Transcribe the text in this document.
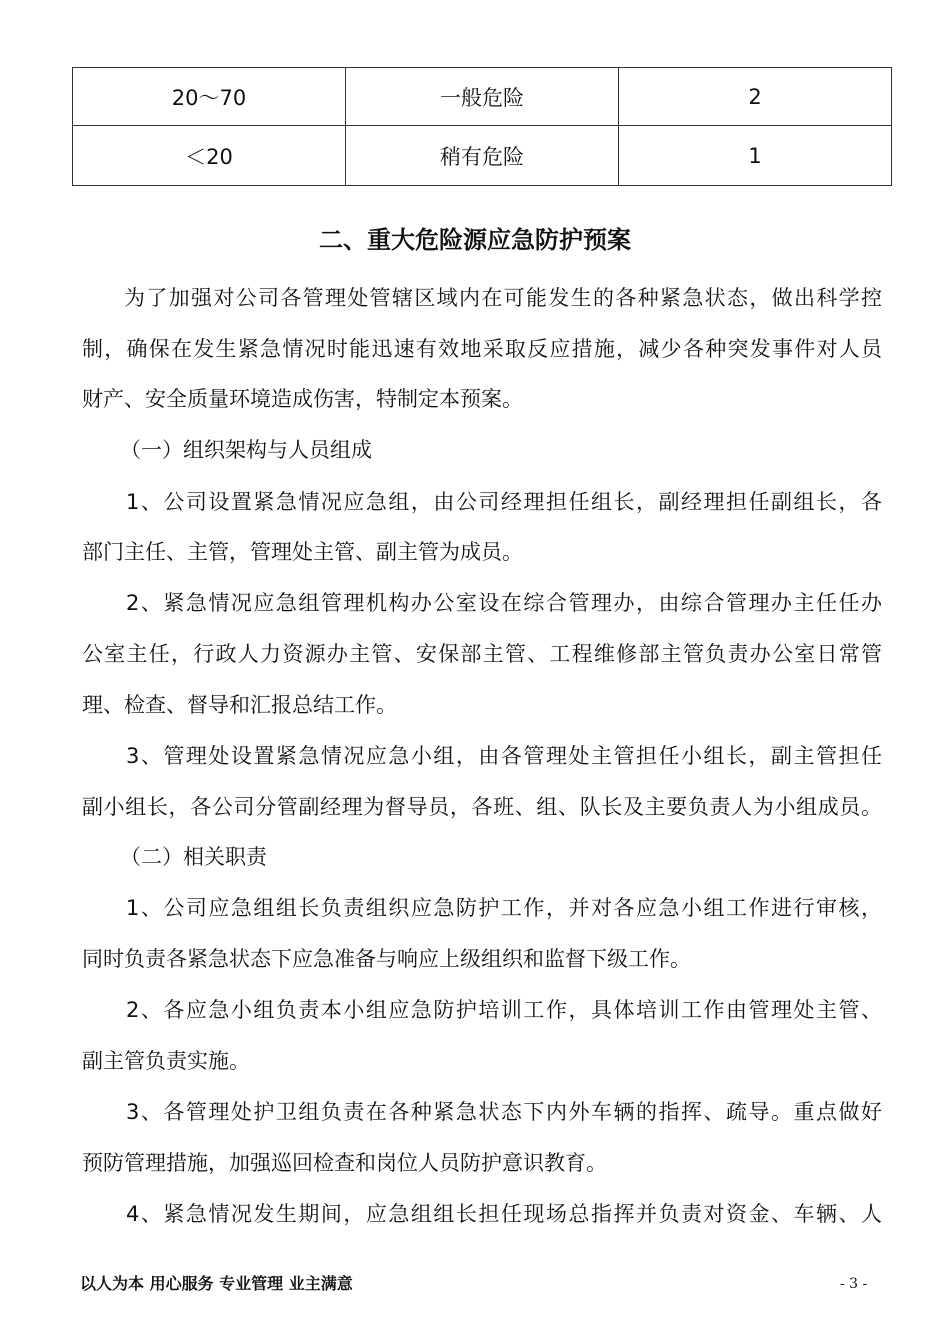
20～70	一般危险	2
＜20	稍有危险	1
二、重大危险源应急防护预案

为了加强对公司各管理处管辖区域内在可能发生的各种紧急状态，做出科学控

制，确保在发生紧急情况时能迅速有效地采取反应措施，减少各种突发事件对人员

财产、安全质量环境造成伤害，特制定本预案。

（一）组织架构与人员组成

1、公司设置紧急情况应急组，由公司经理担任组长，副经理担任副组长，各

部门主任、主管，管理处主管、副主管为成员。

2、紧急情况应急组管理机构办公室设在综合管理办，由综合管理办主任任办

公室主任，行政人力资源办主管、安保部主管、工程维修部主管负责办公室日常管

理、检查、督导和汇报总结工作。

3、管理处设置紧急情况应急小组，由各管理处主管担任小组长，副主管担任

副小组长，各公司分管副经理为督导员，各班、组、队长及主要负责人为小组成员。

（二）相关职责

1、公司应急组组长负责组织应急防护工作，并对各应急小组工作进行审核，

同时负责各紧急状态下应急准备与响应上级组织和监督下级工作。

2、各应急小组负责本小组应急防护培训工作，具体培训工作由管理处主管、

副主管负责实施。

3、各管理处护卫组负责在各种紧急状态下内外车辆的指挥、疏导。重点做好

预防管理措施，加强巡回检查和岗位人员防护意识教育。

4、紧急情况发生期间，应急组组长担任现场总指挥并负责对资金、车辆、人

以人为本 用心服务 专业管理 业主满意	- 3 -
